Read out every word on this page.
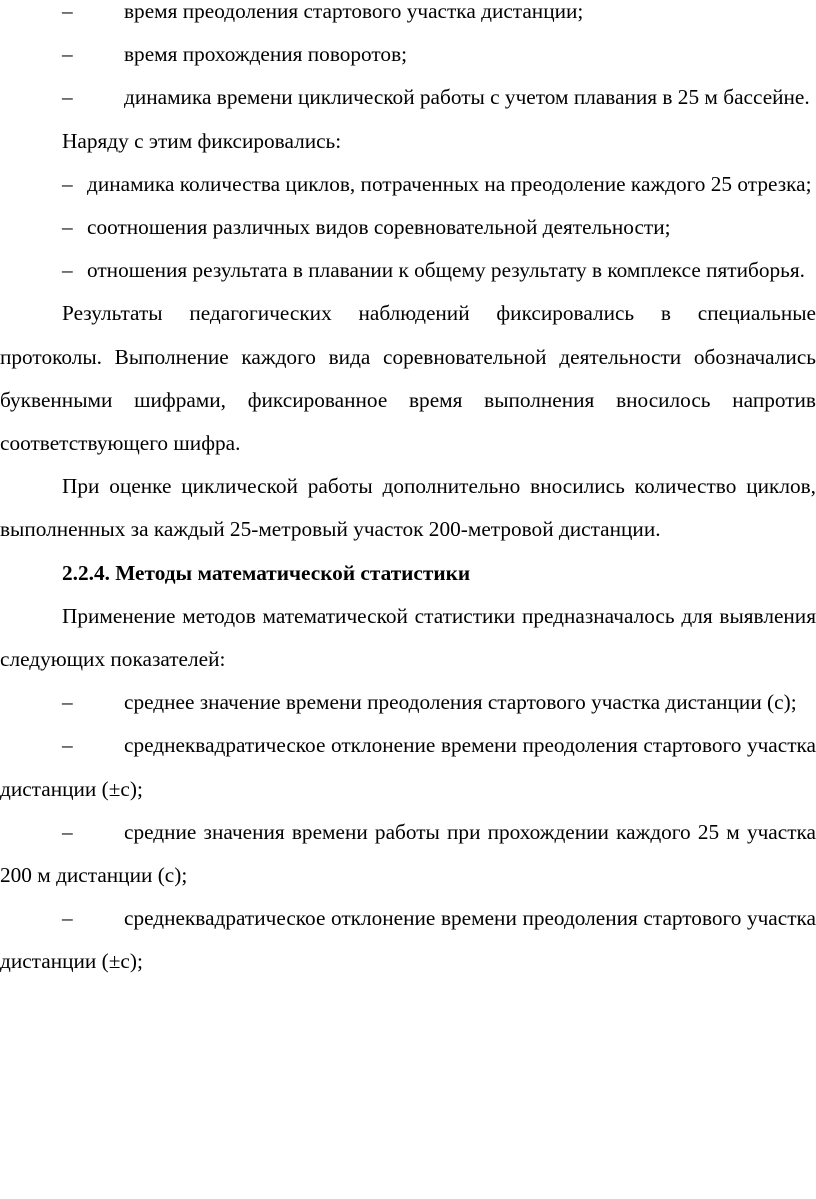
– время преодоления стартового участка дистанции;

– время прохождения поворотов;

– динамика времени циклической работы с учетом плавания в 25 м бассейне.

Наряду с этим фиксировались:

– динамика количества циклов, потраченных на преодоление каждого 25 отрезка;

– соотношения различных видов соревновательной деятельности;

– отношения результата в плавании к общему результату в комплексе пятиборья.

Результаты педагогических наблюдений фиксировались в специальные протоколы. Выполнение каждого вида соревновательной деятельности обозначались буквенными шифрами, фиксированное время выполнения вносилось напротив соответствующего шифра.

При оценке циклической работы дополнительно вносились количество циклов, выполненных за каждый 25-метровый участок 200-метровой дистанции.

2.2.4. Методы математической статистики

Применение методов математической статистики предназначалось для выявления следующих показателей:

– среднее значение времени преодоления стартового участка дистанции (с);

– среднеквадратическое отклонение времени преодоления стартового участка дистанции (±с);

– средние значения времени работы при прохождении каждого 25 м участка 200 м дистанции (с);

– среднеквадратическое отклонение времени преодоления стартового участка дистанции (±с);
